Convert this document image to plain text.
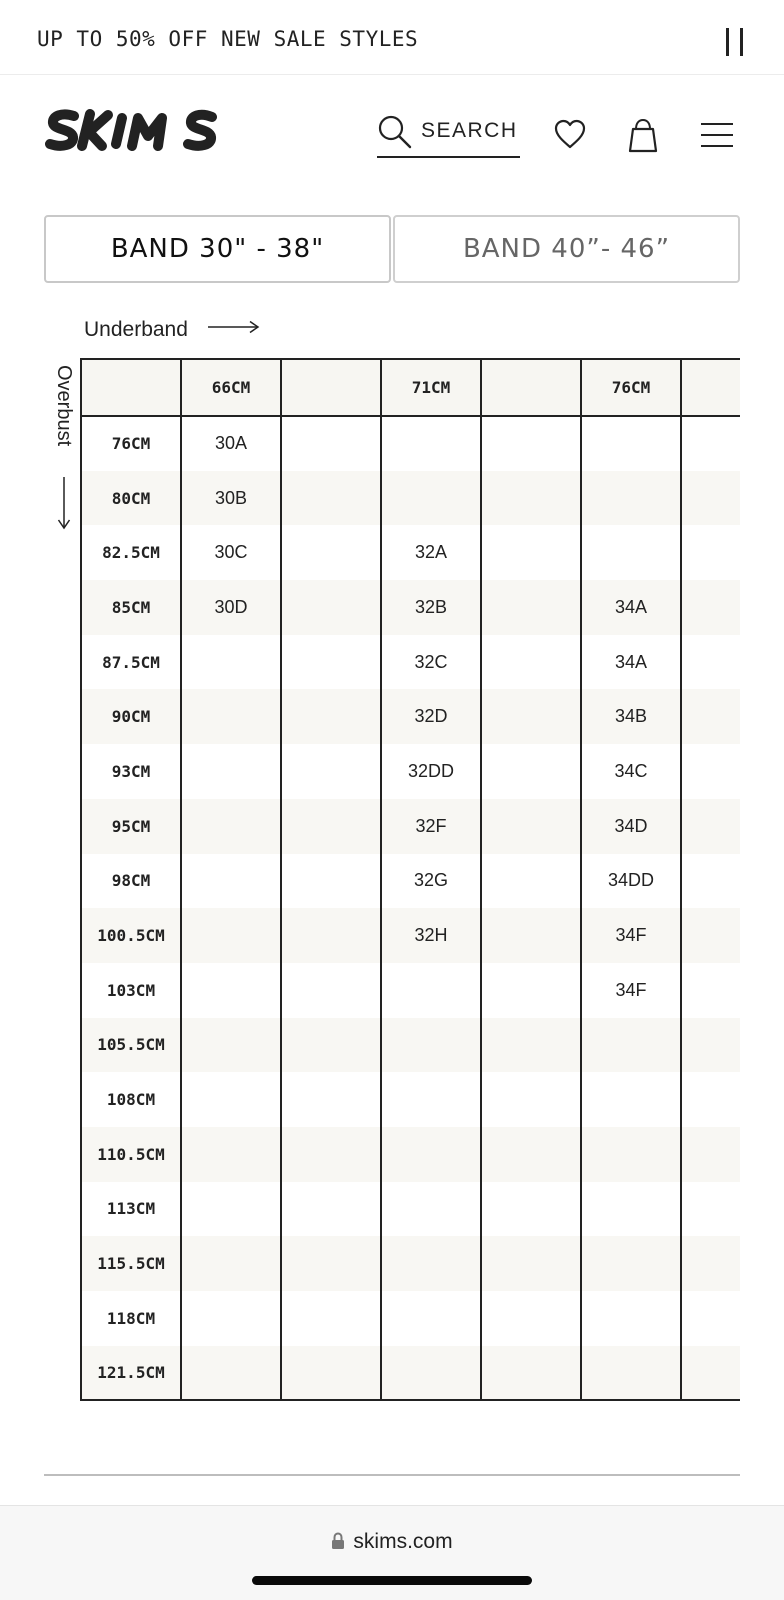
UP TO 50% OFF NEW SALE STYLES
SEARCH
BAND 30" - 38"	BAND 40”- 46”
Underband
Overbust
		66CM		71CM		76CM	
76CM	30A					
80CM	30B					
82.5CM	30C		32A			
85CM	30D		32B		34A	
87.5CM			32C		34A	
90CM			32D		34B	
93CM			32DD		34C	
95CM			32F		34D	
98CM			32G		34DD	
100.5CM			32H		34F	
103CM					34F	
105.5CM						
108CM						
110.5CM						
113CM						
115.5CM						
118CM						
121.5CM						
skims.com
